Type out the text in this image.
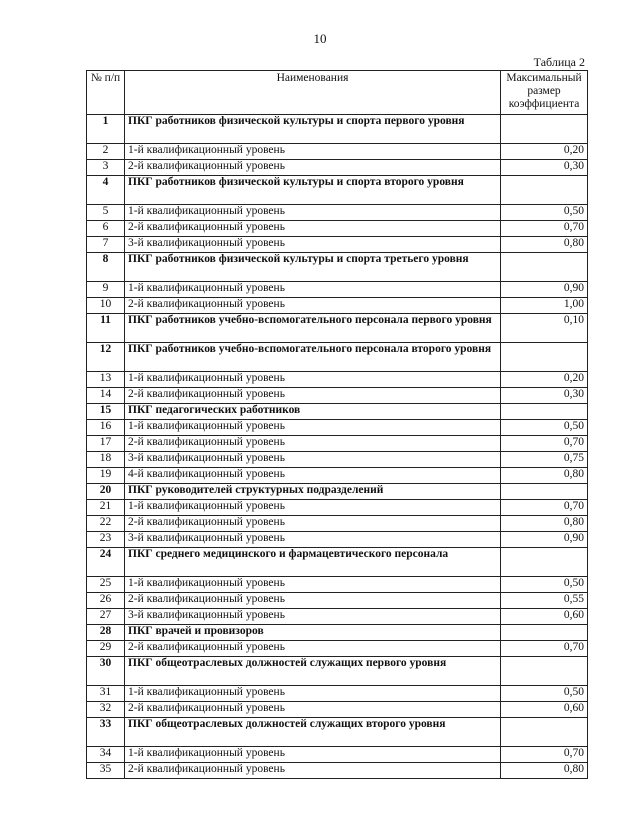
10
Таблица 2
№ п/п	Наименования	Максимальный размер коэффициента
1	ПКГ работников физической культуры и спорта первого уровня	
2	1-й квалификационный уровень	0,20
3	2-й квалификационный уровень	0,30
4	ПКГ работников физической культуры и спорта второго уровня	
5	1-й квалификационный уровень	0,50
6	2-й квалификационный уровень	0,70
7	3-й квалификационный уровень	0,80
8	ПКГ работников физической культуры и спорта третьего уровня	
9	1-й квалификационный уровень	0,90
10	2-й квалификационный уровень	1,00
11	ПКГ работников учебно-вспомогательного персонала первого уровня	0,10
12	ПКГ работников учебно-вспомогательного персонала второго уровня	
13	1-й квалификационный уровень	0,20
14	2-й квалификационный уровень	0,30
15	ПКГ педагогических работников	
16	1-й квалификационный уровень	0,50
17	2-й квалификационный уровень	0,70
18	3-й квалификационный уровень	0,75
19	4-й квалификационный уровень	0,80
20	ПКГ руководителей структурных подразделений	
21	1-й квалификационный уровень	0,70
22	2-й квалификационный уровень	0,80
23	3-й квалификационный уровень	0,90
24	ПКГ среднего медицинского и фармацевтического персонала	
25	1-й квалификационный уровень	0,50
26	2-й квалификационный уровень	0,55
27	3-й квалификационный уровень	0,60
28	ПКГ врачей и провизоров	
29	2-й квалификационный уровень	0,70
30	ПКГ общеотраслевых должностей служащих первого уровня	
31	1-й квалификационный уровень	0,50
32	2-й квалификационный уровень	0,60
33	ПКГ общеотраслевых должностей служащих второго уровня	
34	1-й квалификационный уровень	0,70
35	2-й квалификационный уровень	0,80
